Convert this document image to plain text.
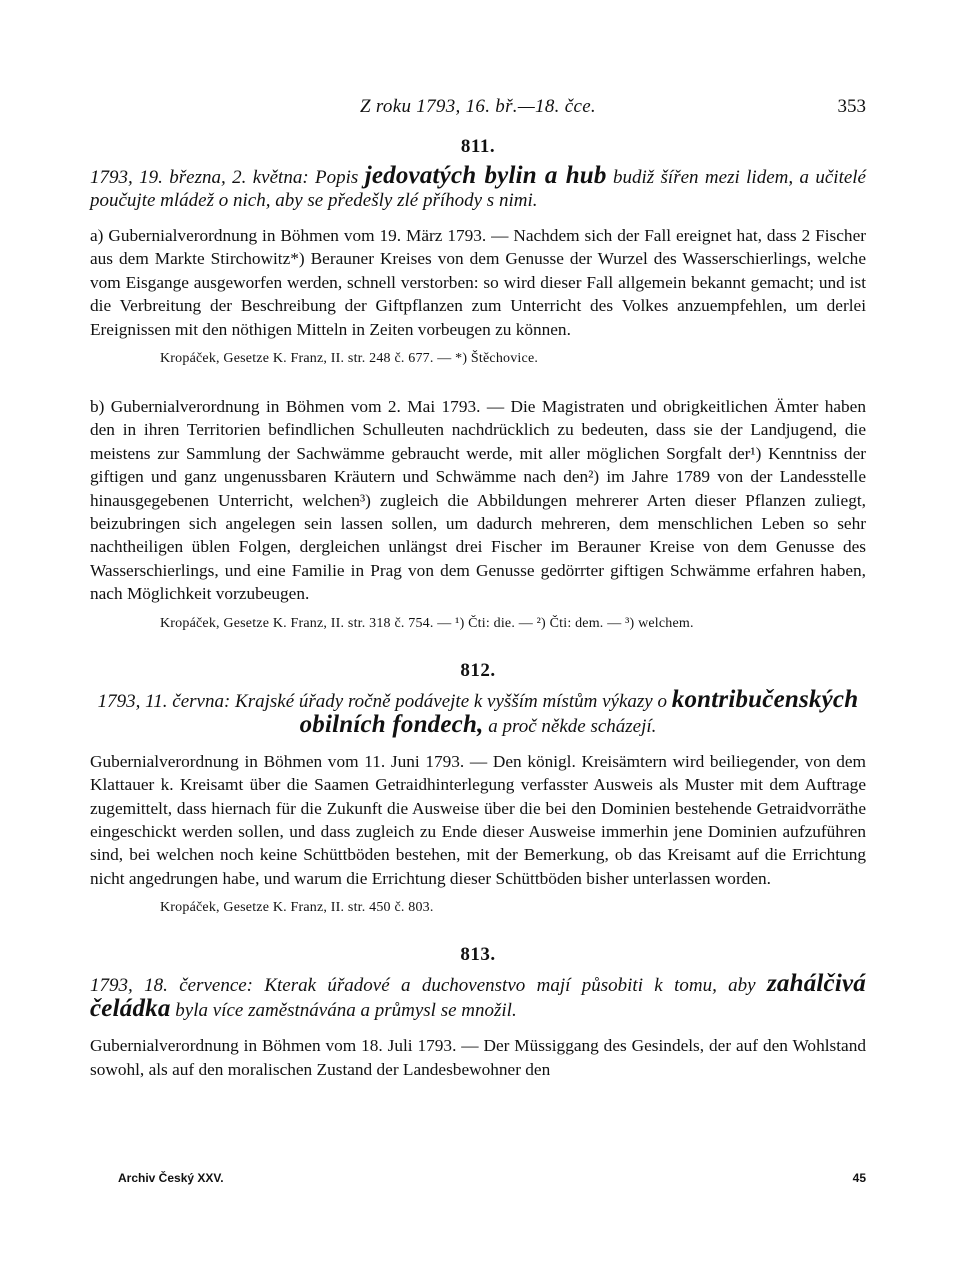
Z roku 1793, 16. bř.—18. čce.	353
811.
1793, 19. března, 2. května: Popis jedovatých bylin a hub budiž šířen mezi lidem, a učitelé poučujte mládež o nich, aby se předešly zlé příhody s nimi.

a) Gubernialverordnung in Böhmen vom 19. März 1793. — Nachdem sich der Fall ereignet hat, dass 2 Fischer aus dem Markte Stirchowitz*) Berauner Kreises von dem Genusse der Wurzel des Wasserschierlings, welche vom Eisgange ausgeworfen werden, schnell verstorben: so wird dieser Fall allgemein bekannt gemacht; und ist die Verbreitung der Beschreibung der Giftpflanzen zum Unterricht des Volkes anzuempfehlen, um derlei Ereignissen mit den nöthigen Mitteln in Zeiten vorbeugen zu können.

Kropáček, Gesetze K. Franz, II. str. 248 č. 677. — *) Štěchovice.

b) Gubernialverordnung in Böhmen vom 2. Mai 1793. — Die Magistraten und obrigkeitlichen Ämter haben den in ihren Territorien befindlichen Schulleuten nachdrücklich zu bedeuten, dass sie der Landjugend, die meistens zur Sammlung der Sachwämme gebraucht werde, mit aller möglichen Sorgfalt der¹) Kenntniss der giftigen und ganz ungenussbaren Kräutern und Schwämme nach den²) im Jahre 1789 von der Landesstelle hinausgegebenen Unterricht, welchen³) zugleich die Abbildungen mehrerer Arten dieser Pflanzen zuliegt, beizubringen sich angelegen sein lassen sollen, um dadurch mehreren, dem menschlichen Leben so sehr nachtheiligen üblen Folgen, dergleichen unlängst drei Fischer im Berauner Kreise von dem Genusse des Wasserschierlings, und eine Familie in Prag von dem Genusse gedörrter giftigen Schwämme erfahren haben, nach Möglichkeit vorzubeugen.

Kropáček, Gesetze K. Franz, II. str. 318 č. 754. — ¹) Čti: die. — ²) Čti: dem. — ³) welchem.
812.
1793, 11. června: Krajské úřady ročně podávejte k vyšším místům výkazy o kontribučenských obilních fondech, a proč někde scházejí.

Gubernialverordnung in Böhmen vom 11. Juni 1793. — Den königl. Kreisämtern wird beiliegender, von dem Klattauer k. Kreisamt über die Saamen Getraidhinterlegung verfasster Ausweis als Muster mit dem Auftrage zugemittelt, dass hiernach für die Zukunft die Ausweise über die bei den Dominien bestehende Getraidvorräthe eingeschickt werden sollen, und dass zugleich zu Ende dieser Ausweise immerhin jene Dominien aufzuführen sind, bei welchen noch keine Schüttböden bestehen, mit der Bemerkung, ob das Kreisamt auf die Errichtung nicht angedrungen habe, und warum die Errichtung dieser Schüttböden bisher unterlassen worden.

Kropáček, Gesetze K. Franz, II. str. 450 č. 803.
813.
1793, 18. července: Kterak úřadové a duchovenstvo mají působiti k tomu, aby zahálčivá čeládka byla více zaměstnávána a průmysl se množil.

Gubernialverordnung in Böhmen vom 18. Juli 1793. — Der Müssiggang des Gesindels, der auf den Wohlstand sowohl, als auf den moralischen Zustand der Landesbewohner den

Archiv Český XXV.	45
